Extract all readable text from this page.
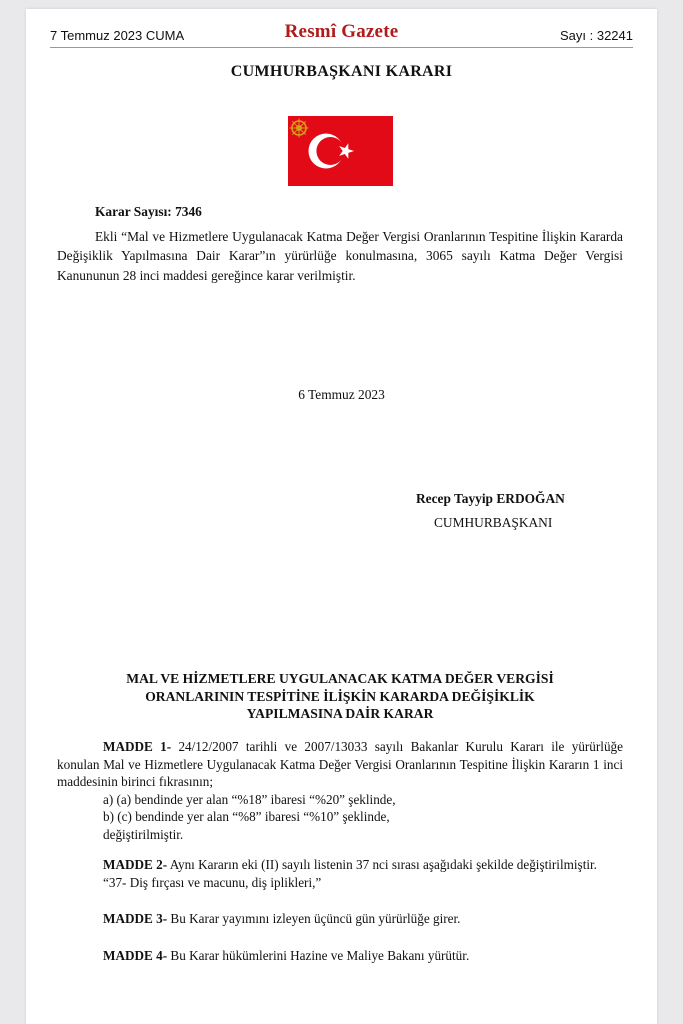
7 Temmuz 2023 CUMA	Resmî Gazete	Sayı : 32241
CUMHURBAŞKANI KARARI
Karar Sayısı: 7346
Ekli “Mal ve Hizmetlere Uygulanacak Katma Değer Vergisi Oranlarının Tespitine İlişkin Kararda Değişiklik Yapılmasına Dair Karar”ın yürürlüğe konulmasına, 3065 sayılı Katma Değer Vergisi Kanununun 28 inci maddesi gereğince karar verilmiştir.
6 Temmuz 2023
Recep Tayyip ERDOĞAN
CUMHURBAŞKANI
MAL VE HİZMETLERE UYGULANACAK KATMA DEĞER VERGİSİ
ORANLARININ TESPİTİNE İLİŞKİN KARARDA DEĞİŞİKLİK
YAPILMASINA DAİR KARAR

MADDE 1- 24/12/2007 tarihli ve 2007/13033 sayılı Bakanlar Kurulu Kararı ile yürürlüğe konulan Mal ve Hizmetlere Uygulanacak Katma Değer Vergisi Oranlarının Tespitine İlişkin Kararın 1 inci maddesinin birinci fıkrasının;

a) (a) bendinde yer alan “%18” ibaresi “%20” şeklinde,

b) (c) bendinde yer alan “%8” ibaresi “%10” şeklinde,

değiştirilmiştir.

MADDE 2- Aynı Kararın eki (II) sayılı listenin 37 nci sırası aşağıdaki şekilde değiştirilmiştir.

“37- Diş fırçası ve macunu, diş iplikleri,”

MADDE 3- Bu Karar yayımını izleyen üçüncü gün yürürlüğe girer.

MADDE 4- Bu Karar hükümlerini Hazine ve Maliye Bakanı yürütür.
